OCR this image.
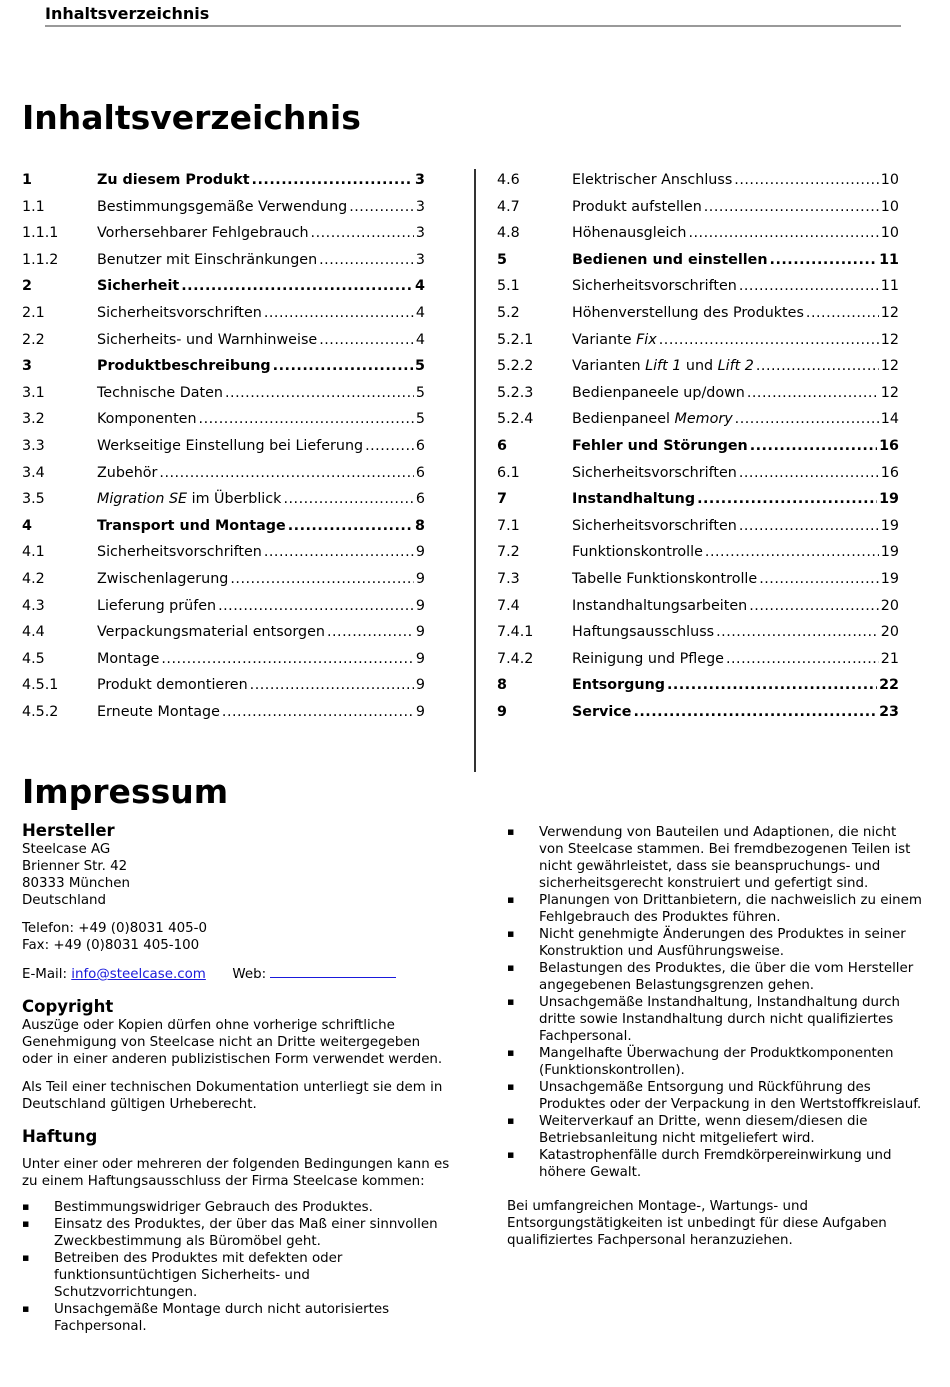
Inhaltsverzeichnis
Inhaltsverzeichnis
1	Zu diesem Produkt .....	3
1.1	Bestimmungsgemäße Verwendung .....	3
1.1.1	Vorhersehbarer Fehlgebrauch .....	3
1.1.2	Benutzer mit Einschränkungen .....	3
2	Sicherheit .....	4
2.1	Sicherheitsvorschriften .....	4
2.2	Sicherheits- und Warnhinweise .....	4
3	Produktbeschreibung .....	5
3.1	Technische Daten .....	5
3.2	Komponenten .....	5
3.3	Werkseitige Einstellung bei Lieferung .....	6
3.4	Zubehör .....	6
3.5	Migration SE im Überblick .....	6
4	Transport und Montage .....	8
4.1	Sicherheitsvorschriften .....	9
4.2	Zwischenlagerung .....	9
4.3	Lieferung prüfen .....	9
4.4	Verpackungsmaterial entsorgen .....	9
4.5	Montage .....	9
4.5.1	Produkt demontieren .....	9
4.5.2	Erneute Montage .....	9
4.6	Elektrischer Anschluss .....	10
4.7	Produkt aufstellen .....	10
4.8	Höhenausgleich .....	10
5	Bedienen und einstellen .....	11
5.1	Sicherheitsvorschriften .....	11
5.2	Höhenverstellung des Produktes .....	12
5.2.1	Variante Fix .....	12
5.2.2	Varianten Lift 1 und Lift 2 .....	12
5.2.3	Bedienpaneele up/down .....	12
5.2.4	Bedienpaneel Memory .....	14
6	Fehler und Störungen .....	16
6.1	Sicherheitsvorschriften .....	16
7	Instandhaltung .....	19
7.1	Sicherheitsvorschriften .....	19
7.2	Funktionskontrolle .....	19
7.3	Tabelle Funktionskontrolle .....	19
7.4	Instandhaltungsarbeiten .....	20
7.4.1	Haftungsausschluss .....	20
7.4.2	Reinigung und Pflege .....	21
8	Entsorgung .....	22
9	Service .....	23
Impressum
Hersteller
Steelcase AG
Brienner Str. 42
80333 München
Deutschland
Telefon: +49 (0)8031 405-0
Fax: +49 (0)8031 405-100
E-Mail: info@steelcase.com Web:
Copyright

Auszüge oder Kopien dürfen ohne vorherige schriftliche Genehmigung von Steelcase nicht an Dritte weitergegeben oder in einer anderen publizistischen Form verwendet werden.

Als Teil einer technischen Dokumentation unterliegt sie dem in Deutschland gültigen Urheberecht.

Haftung

Unter einer oder mehreren der folgenden Bedingungen kann es zu einem Haftungsausschluss der Firma Steelcase kommen:

▪ Bestimmungswidriger Gebrauch des Produktes.
▪ Einsatz des Produktes, der über das Maß einer sinnvollen Zweckbestimmung als Büromöbel geht.
▪ Betreiben des Produktes mit defekten oder funktionsuntüchtigen Sicherheits- und Schutzvorrichtungen.
▪ Unsachgemäße Montage durch nicht autorisiertes Fachpersonal.
▪ Verwendung von Bauteilen und Adaptionen, die nicht von Steelcase stammen. Bei fremdbezogenen Teilen ist nicht gewährleistet, dass sie beanspruchungs- und sicherheitsgerecht konstruiert und gefertigt sind.
▪ Planungen von Drittanbietern, die nachweislich zu einem Fehlgebrauch des Produktes führen.
▪ Nicht genehmigte Änderungen des Produktes in seiner Konstruktion und Ausführungsweise.
▪ Belastungen des Produktes, die über die vom Hersteller angegebenen Belastungsgrenzen gehen.
▪ Unsachgemäße Instandhaltung, Instandhaltung durch dritte sowie Instandhaltung durch nicht qualifiziertes Fachpersonal.
▪ Mangelhafte Überwachung der Produktkomponenten (Funktionskontrollen).
▪ Unsachgemäße Entsorgung und Rückführung des Produktes oder der Verpackung in den Wertstoffkreislauf.
▪ Weiterverkauf an Dritte, wenn diesem/diesen die Betriebsanleitung nicht mitgeliefert wird.
▪ Katastrophenfälle durch Fremdkörpereinwirkung und höhere Gewalt.

Bei umfangreichen Montage-, Wartungs- und Entsorgungstätigkeiten ist unbedingt für diese Aufgaben qualifiziertes Fachpersonal heranzuziehen.
